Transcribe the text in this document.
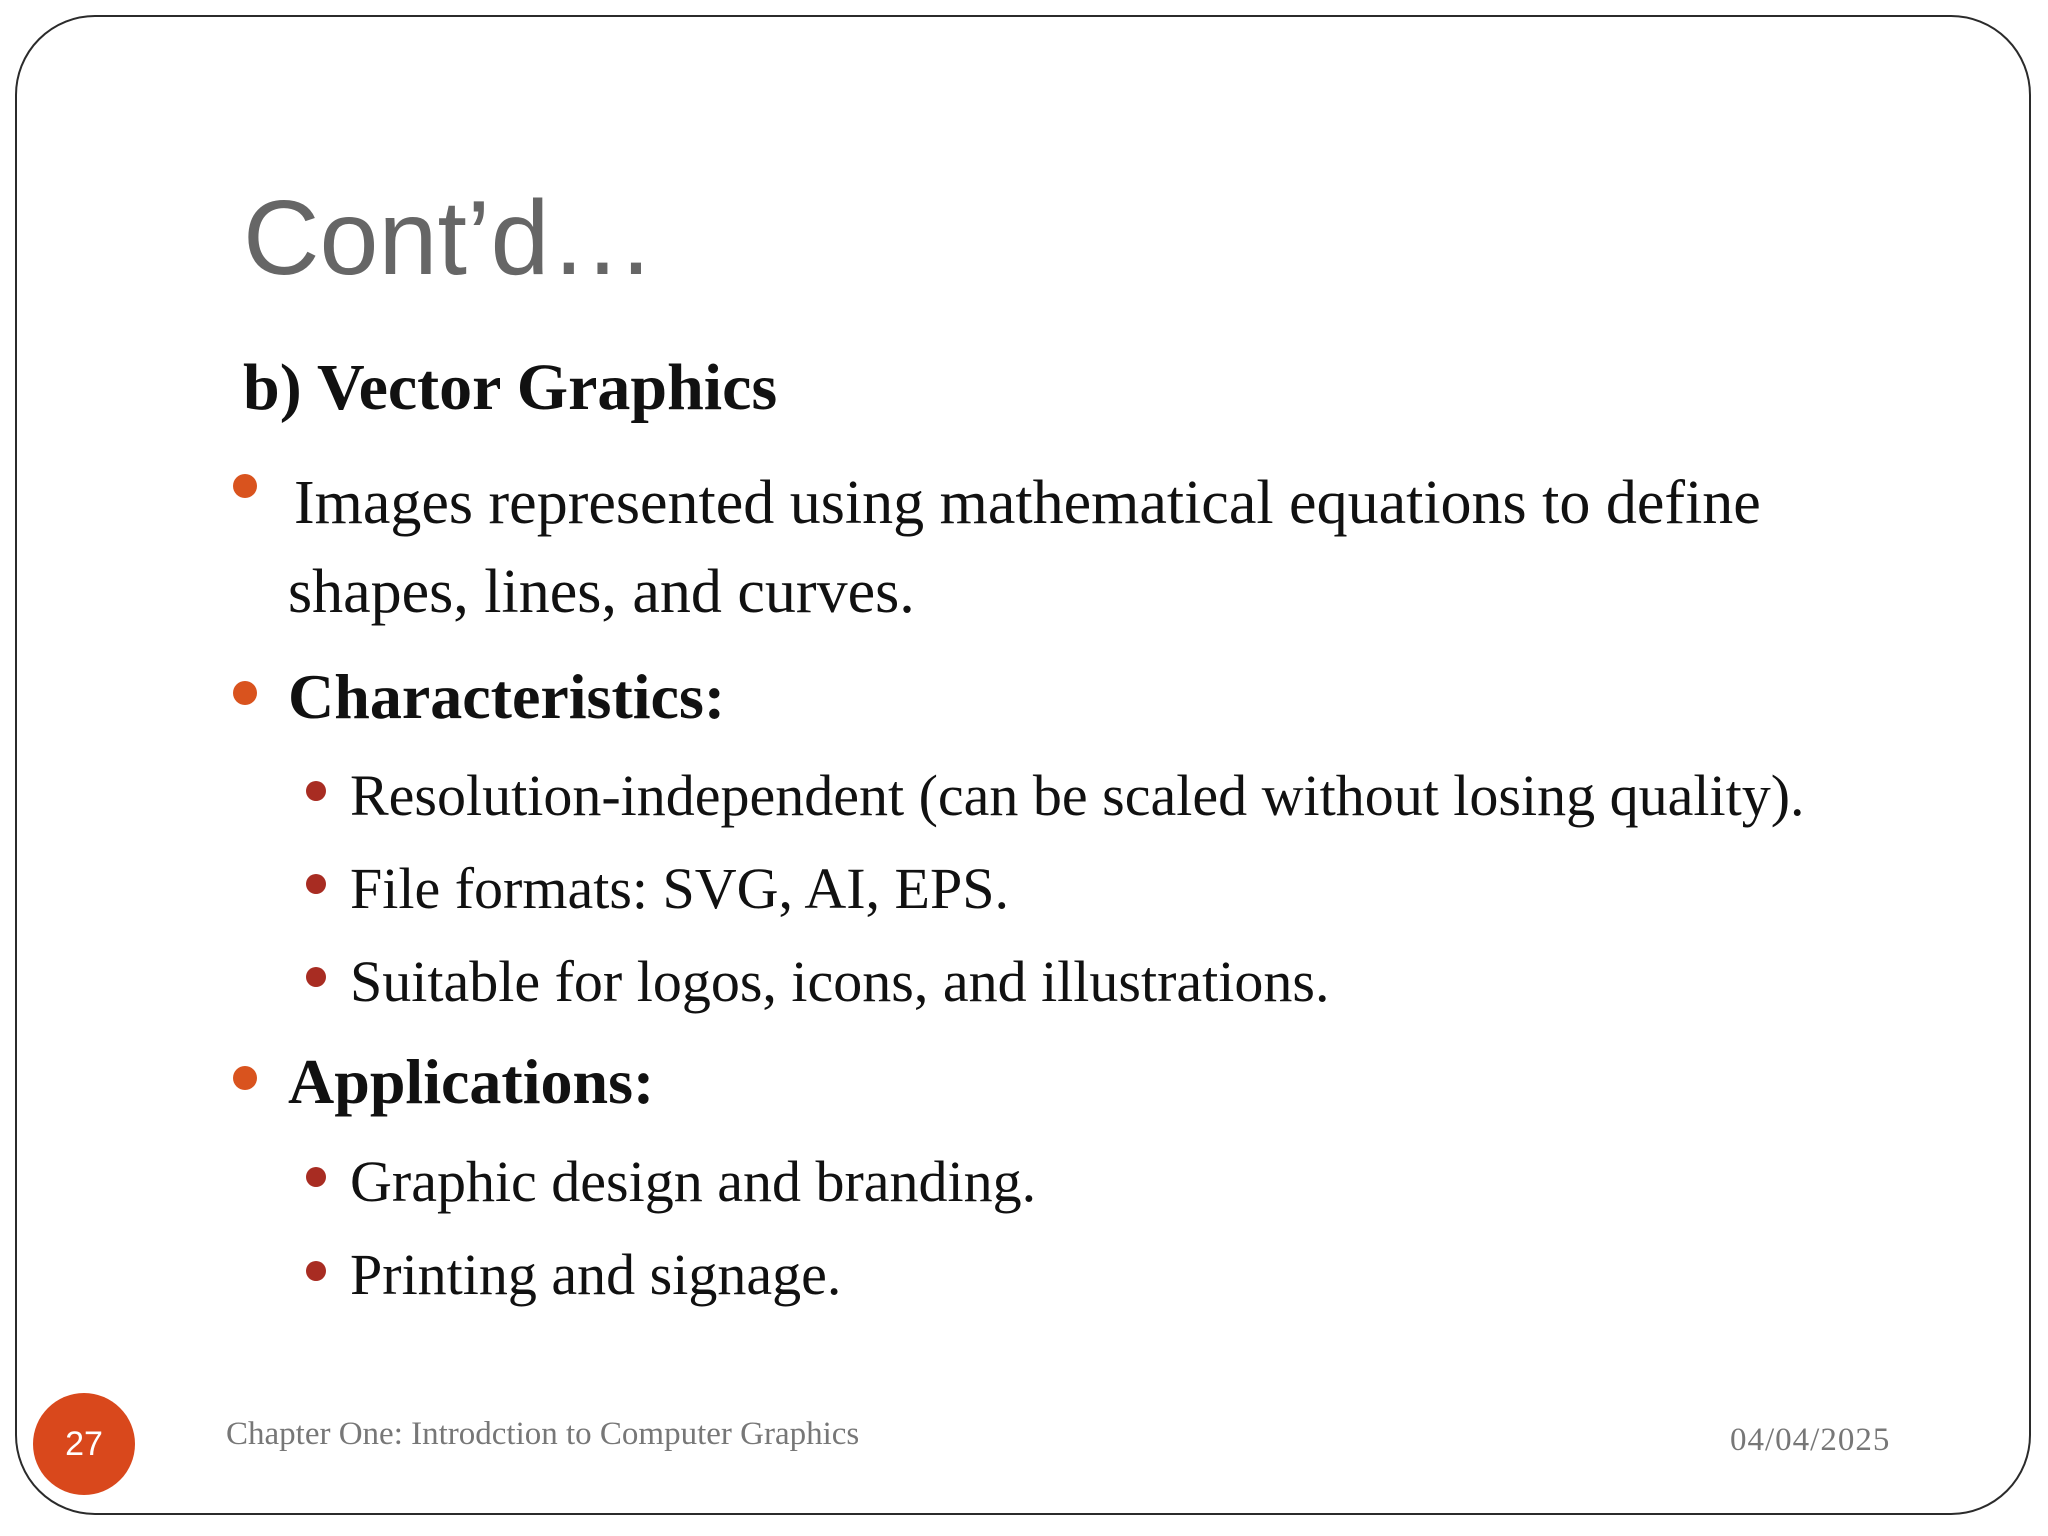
Cont’d…
b) Vector Graphics
Images represented using mathematical equations to define
shapes, lines, and curves.
Characteristics:
Resolution-independent (can be scaled without losing quality).
File formats: SVG, AI, EPS.
Suitable for logos, icons, and illustrations.
Applications:
Graphic design and branding.
Printing and signage.
27	Chapter One: Introdction to Computer Graphics	04/04/2025
